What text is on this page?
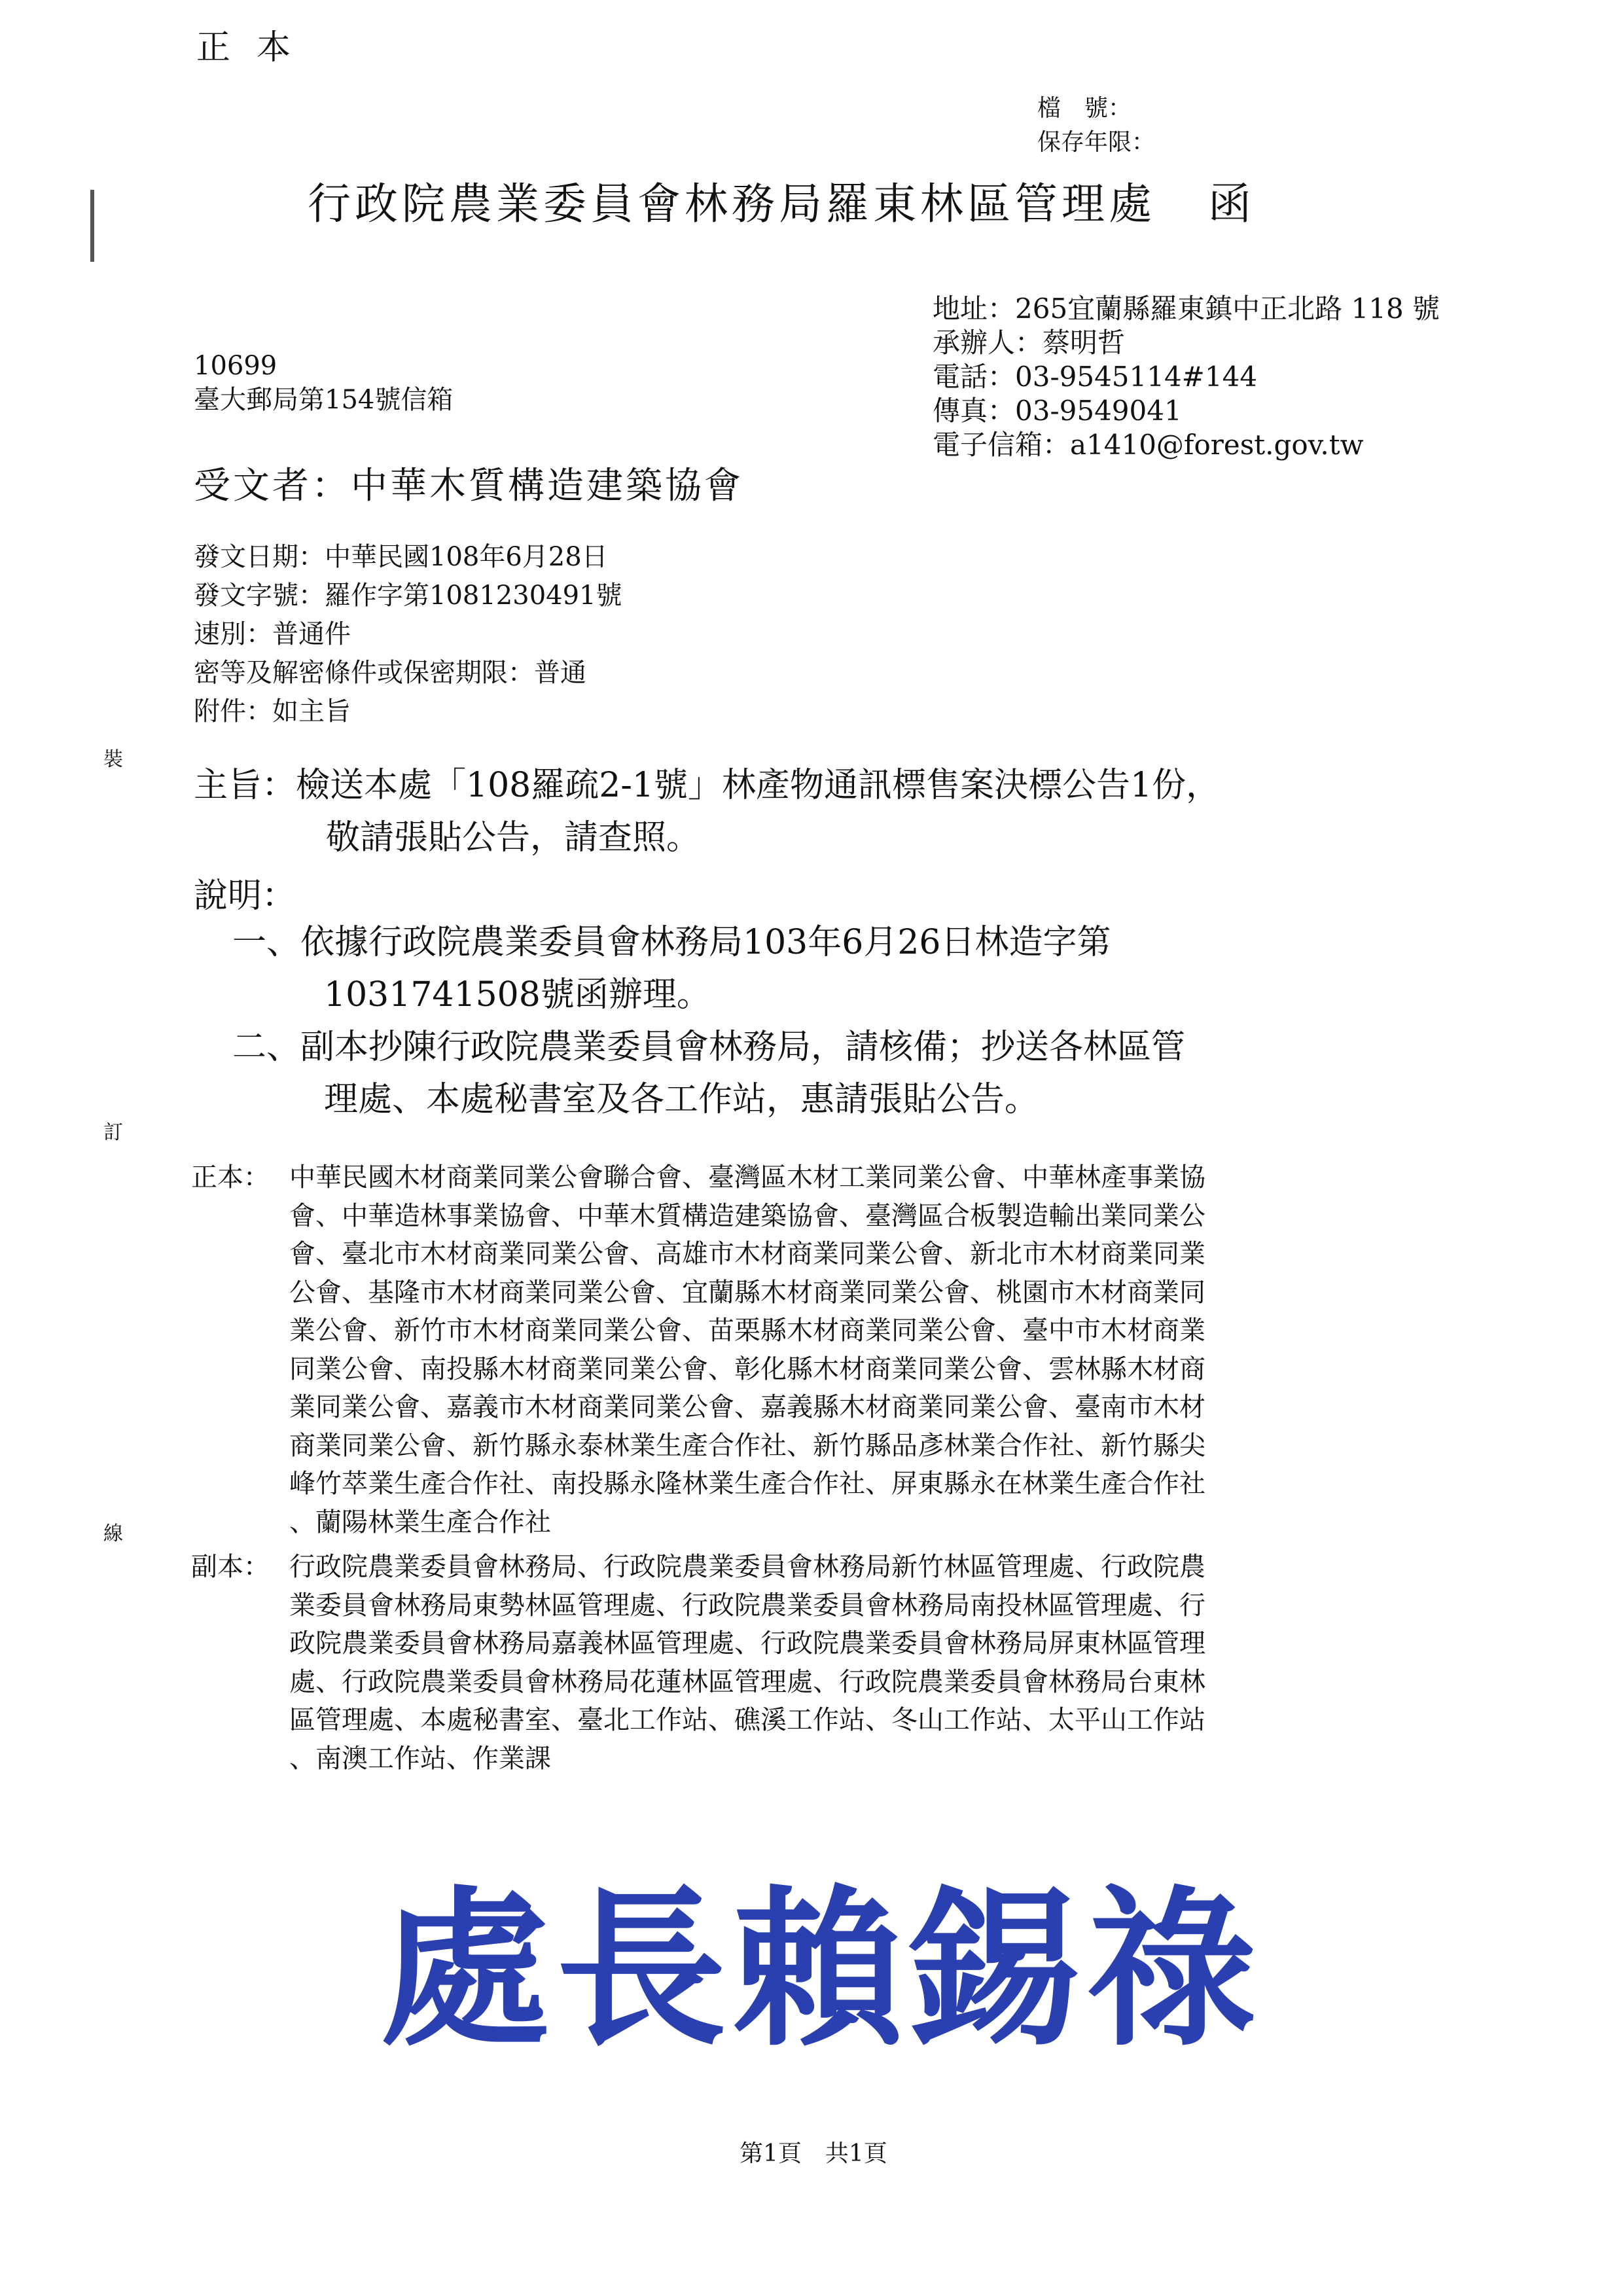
正本
檔　號：
保存年限：
行政院農業委員會林務局羅東林區管理處 函
地址：265宜蘭縣羅東鎮中正北路 118 號
承辦人：蔡明哲
電話：03-9545114#144
傳真：03-9549041
電子信箱：a1410@forest.gov.tw
10699
臺大郵局第154號信箱
受文者：中華木質構造建築協會
發文日期：中華民國108年6月28日
發文字號：羅作字第1081230491號
速別：普通件
密等及解密條件或保密期限：普通
附件：如主旨
裝
訂
線
主旨：檢送本處「108羅疏2-1號」林產物通訊標售案決標公告1份，
敬請張貼公告，請查照。
說明：
一、依據行政院農業委員會林務局103年6月26日林造字第
1031741508號函辦理。
二、副本抄陳行政院農業委員會林務局，請核備；抄送各林區管
理處、本處秘書室及各工作站，惠請張貼公告。
正本： 中華民國木材商業同業公會聯合會、臺灣區木材工業同業公會、中華林產事業協
會、中華造林事業協會、中華木質構造建築協會、臺灣區合板製造輸出業同業公
會、臺北市木材商業同業公會、高雄市木材商業同業公會、新北市木材商業同業
公會、基隆市木材商業同業公會、宜蘭縣木材商業同業公會、桃園市木材商業同
業公會、新竹市木材商業同業公會、苗栗縣木材商業同業公會、臺中市木材商業
同業公會、南投縣木材商業同業公會、彰化縣木材商業同業公會、雲林縣木材商
業同業公會、嘉義市木材商業同業公會、嘉義縣木材商業同業公會、臺南市木材
商業同業公會、新竹縣永泰林業生產合作社、新竹縣品彥林業合作社、新竹縣尖
峰竹萃業生產合作社、南投縣永隆林業生產合作社、屏東縣永在林業生產合作社
、蘭陽林業生產合作社
副本： 行政院農業委員會林務局、行政院農業委員會林務局新竹林區管理處、行政院農
業委員會林務局東勢林區管理處、行政院農業委員會林務局南投林區管理處、行
政院農業委員會林務局嘉義林區管理處、行政院農業委員會林務局屏東林區管理
處、行政院農業委員會林務局花蓮林區管理處、行政院農業委員會林務局台東林
區管理處、本處秘書室、臺北工作站、礁溪工作站、冬山工作站、太平山工作站
、南澳工作站、作業課
處長賴錫祿
第1頁　共1頁
